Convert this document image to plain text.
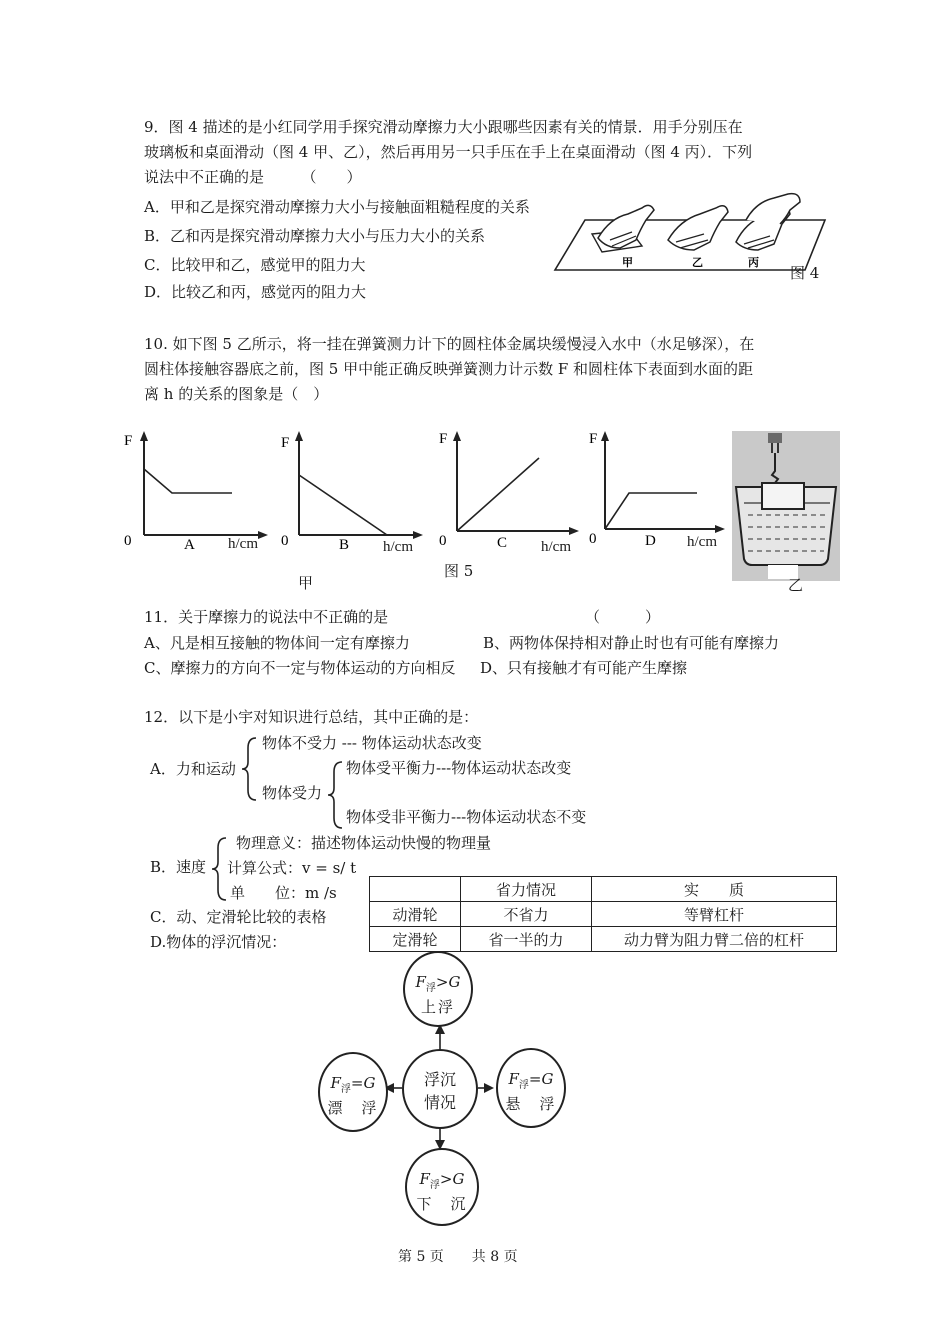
9．图 4 描述的是小红同学用手探究滑动摩擦力大小跟哪些因素有关的情景．用手分别压在
玻璃板和桌面滑动（图 4 甲、乙），然后再用另一只手压在手上在桌面滑动（图 4 丙）．下列
说法中不正确的是　　　（　　）
A．甲和乙是探究滑动摩擦力大小与接触面粗糙程度的关系
B．乙和丙是探究滑动摩擦力大小与压力大小的关系
C．比较甲和乙，感觉甲的阻力大
D．比较乙和丙，感觉丙的阻力大
甲	乙	丙
图 4
10. 如下图 5 乙所示，将一挂在弹簧测力计下的圆柱体金属块缓慢浸入水中（水足够深），在
圆柱体接触容器底之前，图 5 甲中能正确反映弹簧测力计示数 F 和圆柱体下表面到水面的距
离 h 的关系的图象是（　）
F
0	A h/cm
F
0	B h/cm
F
0	C h/cm
F
0	D h/cm
乙
甲
图 5
11．关于摩擦力的说法中不正确的是	（　　　）
A、凡是相互接触的物体间一定有摩擦力	B、两物体保持相对静止时也有可能有摩擦力
C、摩擦力的方向不一定与物体运动的方向相反 D、只有接触才有可能产生摩擦
12．以下是小宇对知识进行总结，其中正确的是：
A．力和运动
物体不受力 --- 物体运动状态改变
物体受力
物体受平衡力---物体运动状态改变
物体受非平衡力---物体运动状态不变
B．速度
物理意义：描述物体运动快慢的物理量
计算公式：v = s/ t
单　　位：m /s
C．动、定滑轮比较的表格
	省力情况	实　　质
动滑轮	不省力	等臂杠杆
定滑轮	省一半的力	动力臂为阻力臂二倍的杠杆
D.物体的浮沉情况：
$F_浮>G$
上浮
浮沉
情况
$F_浮=G$
漂　浮
$F_浮=G$
悬　浮
$F_浮>G$
下　沉
第 5 页　　共 8 页
